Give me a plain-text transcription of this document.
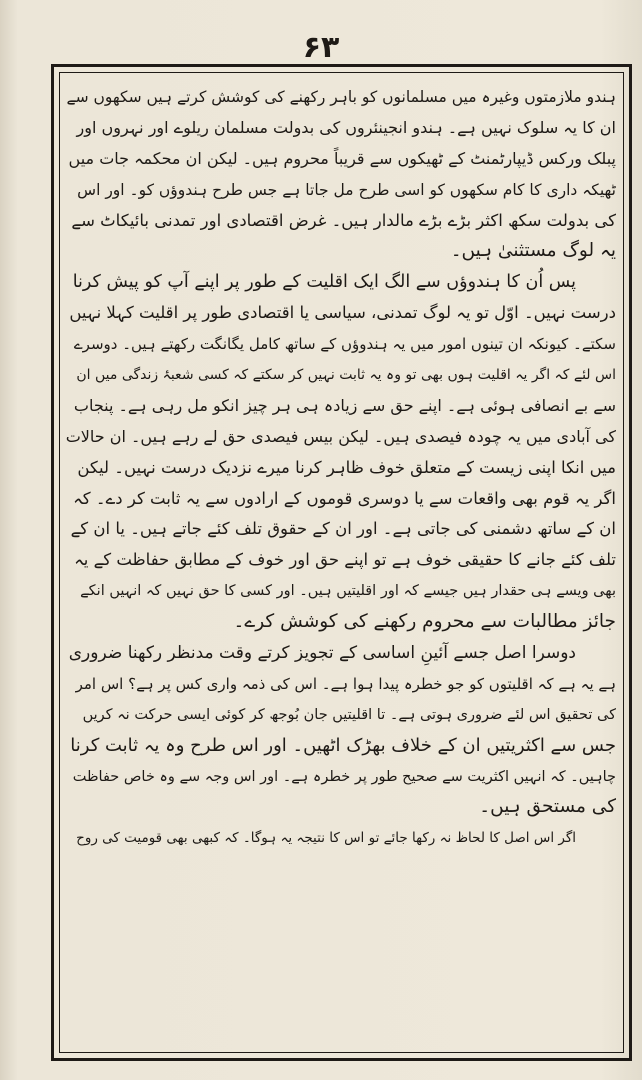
۶۳
ہندو ملازمتوں وغیرہ میں مسلمانوں کو باہر رکھنے کی کوشش کرتے ہیں سکھوں سے
ان کا یہ سلوک نہیں ہے۔ ہندو انجینئروں کی بدولت مسلمان ریلوے اور نہروں اور
پبلک ورکس ڈیپارٹمنٹ کے ٹھیکوں سے قریباً محروم ہیں۔ لیکن ان محکمہ جات میں
ٹھیکہ داری کا کام سکھوں کو اسی طرح مل جاتا ہے جس طرح ہندوؤں کو۔ اور اس
کی بدولت سکھ اکثر بڑے بڑے مالدار ہیں۔ غرض اقتصادی اور تمدنی بائیکاٹ سے
یہ لوگ مستثنیٰ ہیں۔
پس اُن کا ہندوؤں سے الگ ایک اقلیت کے طور پر اپنے آپ کو پیش کرنا
درست نہیں۔ اوّل تو یہ لوگ تمدنی، سیاسی یا اقتصادی طور پر اقلیت کہلا نہیں
سکتے۔ کیونکہ ان تینوں امور میں یہ ہندوؤں کے ساتھ کامل یگانگت رکھتے ہیں۔ دوسرے
اس لئے کہ اگر یہ اقلیت ہوں بھی تو وہ یہ ثابت نہیں کر سکتے کہ کسی شعبۂ زندگی میں ان
سے بے انصافی ہوئی ہے۔ اپنے حق سے زیادہ ہی ہر چیز انکو مل رہی ہے۔ پنجاب
کی آبادی میں یہ چودہ فیصدی ہیں۔ لیکن بیس فیصدی حق لے رہے ہیں۔ ان حالات
میں انکا اپنی زیست کے متعلق خوف ظاہر کرنا میرے نزدیک درست نہیں۔ لیکن
اگر یہ قوم بھی واقعات سے یا دوسری قوموں کے ارادوں سے یہ ثابت کر دے۔ کہ
ان کے ساتھ دشمنی کی جاتی ہے۔ اور ان کے حقوق تلف کئے جاتے ہیں۔ یا ان کے
تلف کئے جانے کا حقیقی خوف ہے تو اپنے حق اور خوف کے مطابق حفاظت کے یہ
بھی ویسے ہی حقدار ہیں جیسے کہ اور اقلیتیں ہیں۔ اور کسی کا حق نہیں کہ انہیں انکے
جائز مطالبات سے محروم رکھنے کی کوشش کرے۔
دوسرا اصل جسے آئینِ اساسی کے تجویز کرتے وقت مدنظر رکھنا ضروری
ہے یہ ہے کہ اقلیتوں کو جو خطرہ پیدا ہوا ہے۔ اس کی ذمہ واری کس پر ہے؟ اس امر
کی تحقیق اس لئے ضروری ہوتی ہے۔ تا اقلیتیں جان بُوجھ کر کوئی ایسی حرکت نہ کریں
جس سے اکثریتیں ان کے خلاف بھڑک اٹھیں۔ اور اس طرح وہ یہ ثابت کرنا
چاہیں۔ کہ انہیں اکثریت سے صحیح طور پر خطرہ ہے۔ اور اس وجہ سے وہ خاص حفاظت
کی مستحق ہیں۔
اگر اس اصل کا لحاظ نہ رکھا جائے تو اس کا نتیجہ یہ ہوگا۔ کہ کبھی بھی قومیت کی روح
